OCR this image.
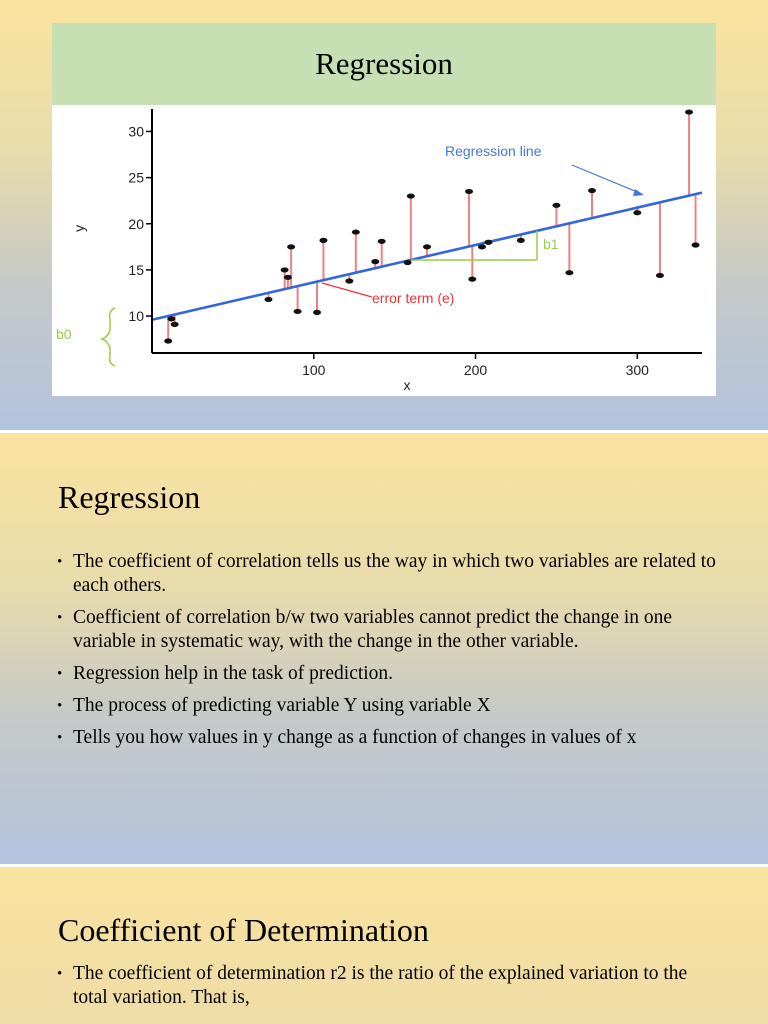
Regression
10
15
20
25
30
100	200	300
x
y
Regression line
error term (e)
b1
b0
Regression
• The coefficient of correlation tells us the way in which two variables are related to each others.
• Coefficient of correlation b/w two variables cannot predict the change in one variable in systematic way, with the change in the other variable.
• Regression help in the task of prediction.
• The process of predicting variable Y using variable X
• Tells you how values in y change as a function of changes in values of x
Coefficient of Determination
• The coefficient of determination r2 is the ratio of the explained variation to the total variation. That is,
